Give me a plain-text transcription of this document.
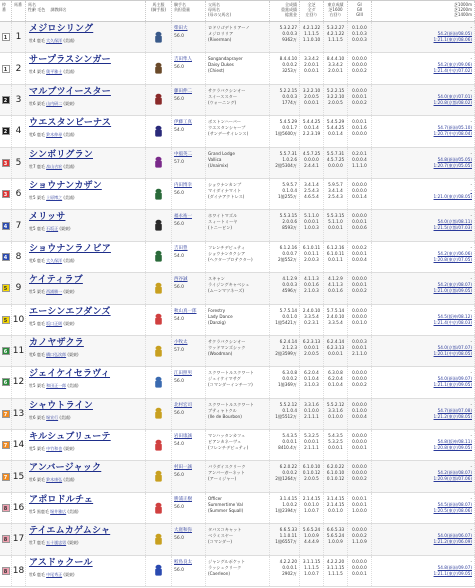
枠番
馬番	馬名
性齢 毛色　 調教師名
馬主服
(騎手服)
騎手名
負担重量
父馬名
母馬名
(母の父馬名)
全成績
重賞成績
総賞金
全芝
全ダ
左回り
東京成績
芝1600
右回り
GI
GII
GIII
芝1000m
芝1200m
芝1400m
1 1
メジロシリング
牡4 鹿毛 大久保洋 (美浦)
柴田大
56.0
ロドリゴデトリアーノ
メジロリリア
(Riverman)
5.3.2.27
0.0.0.3
9362万
4.2.1.22
1.1.1.5
1.1.0.10
5.3.2.27
4.2.1.22
1.1.1.5
0.1.0.0
0.1.0.3
0.0.0.3
-
54.2(新潟/08.05)
1:21.1(東京/08.06)
1 2
サープラスシンガー
牡4 栗毛 奥平雅士 (美浦)
吉田隼人
56.0
Songandaprayer
Daisy Dukes
(Chiest)
8.4.4.10
0.0.0.2
3253万
3.3.4.2
2.0.0.1
0.0.0.1
8.4.4.10
3.3.4.2
2.0.0.1
0.0.0.0
0.0.0.0
0.0.0.2
-
54.2(東京/09.06)
1:21.4(中京/07.02)
2 3
マルブツイースター
牡6 栗毛 山内研二 (栗東)
藤田伸二
56.0
サクラバクシンオー
スイーススター
(ウォーニング)
5.2.2.15
0.0.0.3
1774万
3.2.2.10
2.0.0.5
0.0.0.1
5.2.2.15
3.2.2.10
2.0.0.5
0.0.0.0
0.0.0.1
0.0.0.2
-
54.0(東京/07.01)
1:20.8(京都/08.02)
2 4
ウエスタンビーナス
牝6 鹿毛 鈴木伸尋 (美浦)
伊藤工真
54.0
ボストンハーバー
ウエスタンシャープ
(サンデーサイレンス)
5.4.5.29
0.0.1.7
1億5600万
5.4.4.25
0.0.1.4
2.2.3.19
5.4.5.29
5.4.4.25
0.0.1.4
0.0.0.1
0.0.1.6
0.0.0.0
-
54.7(新潟/05.10)
1:20.7(中京/08.04)
3 5
シンボリグラン
牡7 鹿毛 畠山吉宏 (美浦)
中舘英二
57.0
Grand Lodge
Vallica
(Unaimix)
5.5.7.31
1.0.2.6
2億5304万
4.5.7.25
0.0.0.0
2.4.4.1
5.5.7.31
4.5.7.25
0.0.0.0
0.2.0.1
0.0.0.4
1.1.1.0
-
54.8(新潟/05.05)
1:20.7(東京/05.05)
3 6
ショウナンカザン
牡5 栗毛 上原博之 (美浦)
内田博幸
56.0
ショウナンカンプ
マイダイナマイト
(ダイナアクトレス)
5.9.5.7
0.1.0.4
1億255万
3.4.1.4
2.5.4.3
4.6.5.4
5.9.5.7
3.4.1.4
2.5.4.3
0.0.0.0
0.0.0.0
0.0.1.4
-
-
1:21.0(東京/08.05)
4 7
メリッサ
牝5 鹿毛 石坂正 (栗東)
福永祐一
56.0
ホワイトマズル
スィートミーヤ
(トニービン)
5.5.3.15
2.0.0.6
8593万
5.1.1.0
0.0.0.1
1.0.0.3
5.5.3.15
5.1.1.0
0.0.0.1
0.0.0.0
0.0.0.1
0.0.0.6
-
54.0(京都/08.11)
1:21.5(京都/07.03)
4 8
ショウナンラノビア
牝6 鹿毛 大久保洋 (美浦)
吉田豊
54.0
フレンチデピュティ
ショウナンタクシア
(ヘクタープロテクター)
6.1.2.16
0.0.0.7
2億552万
6.1.0.11
0.0.1.1
2.0.0.3
6.1.2.16
6.1.0.11
0.0.1.1
0.0.0.2
0.0.0.1
0.0.0.4
-
54.2(東京/06.06)
1:20.8(東京/07.05)
5 9
ケイティラブ
牡5 栗毛 西浦勝一 (栗東)
西谷誠
56.0
スキャン
ライジングキャベシュ
(ムーンマツネーズ)
4.1.2.9
0.0.0.3
4596万
4.1.1.3
0.0.1.6
2.1.0.3
4.1.2.9
4.1.1.3
0.0.1.6
0.0.0.0
0.0.0.1
0.0.0.2
-
54.2(東京/08.07)
1:21.0(京都/09.05)
5 10
エーシンエフダンズ
牝5 鹿毛 坂口正則 (栗東)
秋山真一郎
54.0
Forestry
Lady Dance
(Danzig)
5.7.5.14
0.0.1.0
1億5421万
2.4.0.10
3.3.5.4
0.2.3.1
5.7.5.14
2.4.0.10
3.3.5.4
0.0.0.0
0.0.0.0
0.0.1.0
-
54.5(阪神/08.12)
1:21.4(中京/08.03)
6 11
カノヤザクラ
牝6 鹿毛 橋口弘次郎 (栗東)
小牧太
57.0
サクラバクシンオー
ウッドマンズシック
(Woodman)
6.2.4.14
2.1.2.3
2億3599万
6.2.3.13
0.0.0.1
2.0.0.5
6.2.4.14
6.2.3.13
0.0.0.1
0.0.0.3
0.0.0.1
2.1.1.0
-
54.0(京都/07.07)
1:20.1(中京/08.05)
6 12
ジェイケイセラヴィ
牡5 栗毛 和田正一郎 (美浦)
江田照男
56.0
スクワートルスクワート
ジェイケイマサグ
(コマンダーインチーフ)
6.3.0.8
0.0.0.2
1億369万
6.2.0.4
0.1.0.4
3.1.0.3
6.3.0.8
6.2.0.4
0.1.0.4
0.0.0.0
0.0.0.0
0.0.0.2
-
54.0(新潟/09.07)
1:21.1(東京/09.05)
7 13
シャウトライン
牡6 栗毛 堀宣行 (美浦)
北村宏司
56.0
スクワートルスクワート
ブティャトクル
(Ile de Bourbon)
5.5.2.12
0.1.0.4
1億5512万
3.3.1.6
0.1.0.0
2.1.1.1
5.5.2.12
3.3.1.6
0.1.0.0
0.0.0.0
0.1.0.0
0.0.0.4
-
54.7(新潟/07.08)
1:21.2(東京/08.05)
7 14
キルシュブリューテ
牝5 栗毛 中竹和也 (栗東)
岩田康誠
54.0
マンハッタンカフェ
ビアンカネーヴェ
(フレンチデピュティ)
5.4.3.5
0.0.0.1
8410.4万
5.3.2.5
0.0.0.1
2.1.1.1
5.4.3.5
5.3.2.5
0.0.0.1
0.0.0.0
0.0.0.0
0.0.0.1
-
54.8(阪神/08.11)
1:20.8(東京/09.05)
7 15
アンバージャック
牡6 栗毛 鈴木康弘 (美浦)
村田一誠
56.0
バラダイスクリーク
アンバーガーネット
(アーミジャー)
6.2.0.22
0.0.0.2
2億1264万
6.1.0.10
0.1.0.12
2.0.0.5
6.2.0.22
6.1.0.10
0.1.0.12
0.0.0.0
0.0.0.0
0.0.0.2
-
54.2(新潟/08.07)
1:20.9(京都/07.06)
8 16
アポロドルチェ
牡5 黒鹿毛 堀井雅広 (美浦)
勝浦正樹
56.0
Officer
Summertime Val
(Summer Squall)
3.1.4.15
1.0.0.2
1億2394万
2.1.4.15
0.0.1.0
1.0.0.7
3.1.4.15
2.1.4.15
0.0.1.0
0.0.0.1
0.0.0.1
1.0.0.0
-
54.5(新潟/08.07)
1:20.5(東京/08.06)
8 17
テイエムカゲムシャ
牡7 鹿毛 五十嵐忠男 (栗東)
大庭和弥
56.0
タバスコキャット
ベラミスヤー
(コマンダー)
6.6.5.33
1.1.0.11
1億6557万
5.6.5.24
1.0.0.9
4.4.4.9
6.6.5.33
5.6.5.24
1.0.0.9
0.0.0.0
0.0.0.2
1.1.0.9
-
54.0(新潟/06.07)
1:21.2(東京/06.09)
8 18
アスドゥクール
牡6 鹿毛 中尾秀正 (栗東)
鮫島良太
56.0
ジャングルポケット
ラッシュクリーク
(Caerleon)
4.2.2.20
0.0.0.1
2902万
3.1.1.15
1.1.1.5
1.0.0.7
4.2.2.20
3.1.1.15
1.1.1.5
0.0.0.0
0.0.0.0
0.0.0.1
-
54.8(新潟/09.07)
1:21.1(東京/09.05)
